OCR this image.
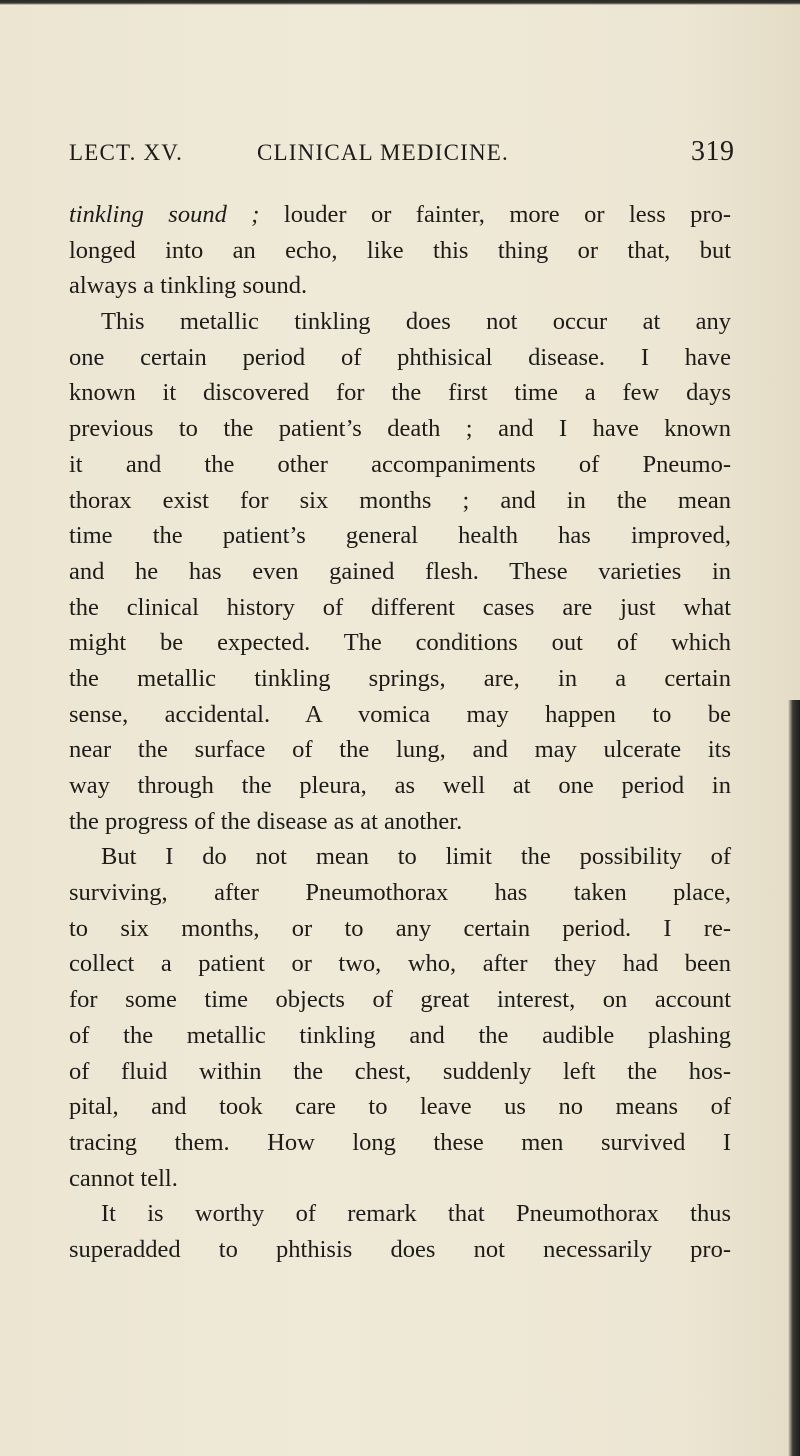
LECT. XV.	CLINICAL MEDICINE.	319
tinkling sound ; louder or fainter, more or less pro-
longed into an echo, like this thing or that, but
always a tinkling sound.
This metallic tinkling does not occur at any
one certain period of phthisical disease. I have
known it discovered for the first time a few days
previous to the patient’s death ; and I have known
it and the other accompaniments of Pneumo-
thorax exist for six months ; and in the mean
time the patient’s general health has improved,
and he has even gained flesh. These varieties in
the clinical history of different cases are just what
might be expected. The conditions out of which
the metallic tinkling springs, are, in a certain
sense, accidental. A vomica may happen to be
near the surface of the lung, and may ulcerate its
way through the pleura, as well at one period in
the progress of the disease as at another.
But I do not mean to limit the possibility of
surviving, after Pneumothorax has taken place,
to six months, or to any certain period. I re-
collect a patient or two, who, after they had been
for some time objects of great interest, on account
of the metallic tinkling and the audible plashing
of fluid within the chest, suddenly left the hos-
pital, and took care to leave us no means of
tracing them. How long these men survived I
cannot tell.
It is worthy of remark that Pneumothorax thus
superadded to phthisis does not necessarily pro-
